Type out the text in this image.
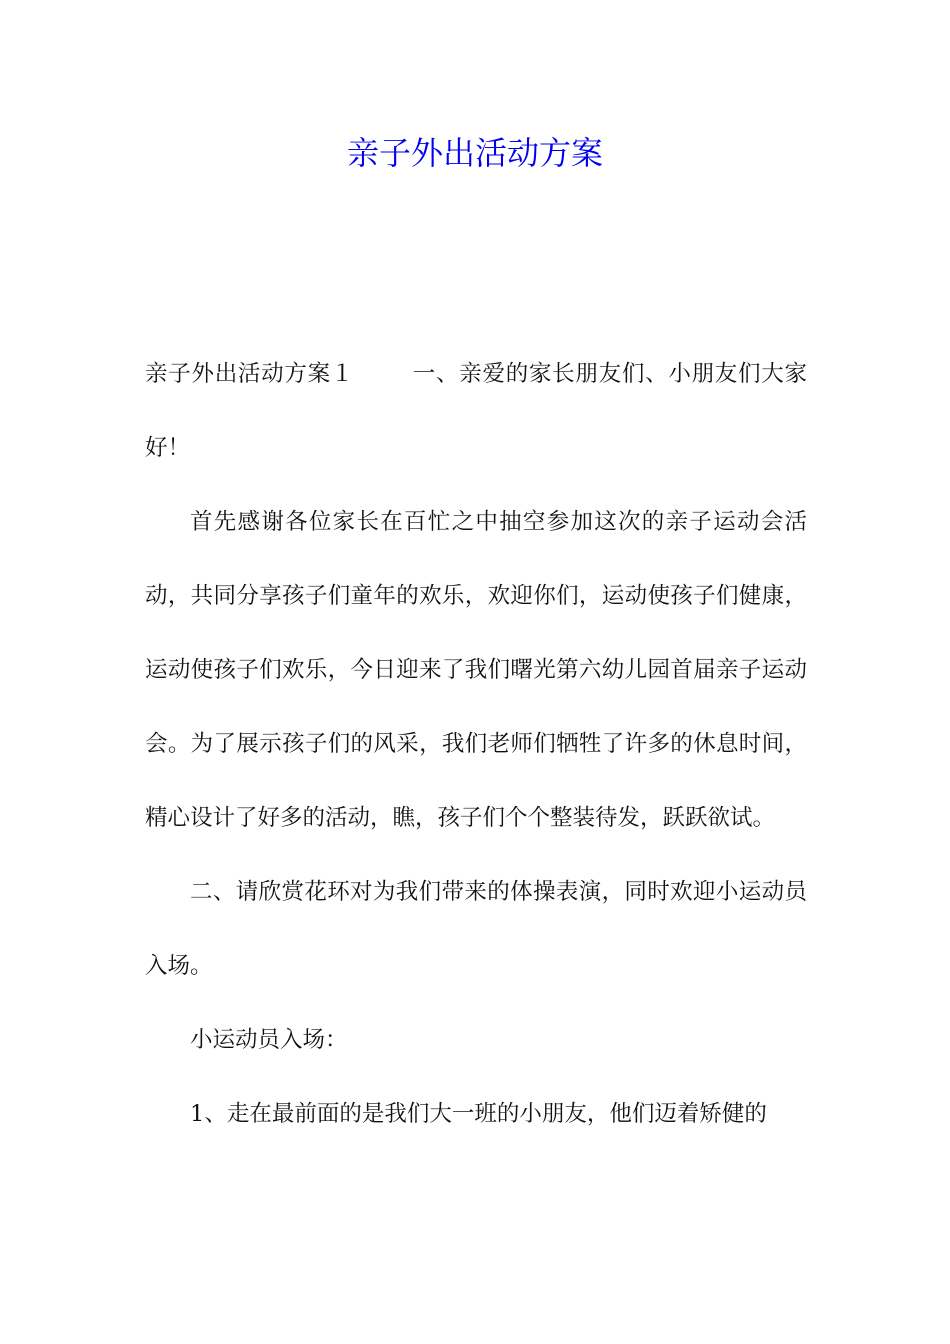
亲子外出活动方案

亲子外出活动方案１	一、亲爱的家长朋友们、小朋友们大家好！

首先感谢各位家长在百忙之中抽空参加这次的亲子运动会活动，共同分享孩子们童年的欢乐，欢迎你们，运动使孩子们健康，运动使孩子们欢乐，今日迎来了我们曙光第六幼儿园首届亲子运动会。为了展示孩子们的风采，我们老师们牺牲了许多的休息时间，精心设计了好多的活动，瞧，孩子们个个整装待发，跃跃欲试。

二、请欣赏花环对为我们带来的体操表演，同时欢迎小运动员入场。

小运动员入场：

1、走在最前面的是我们大一班的小朋友，他们迈着矫健的
